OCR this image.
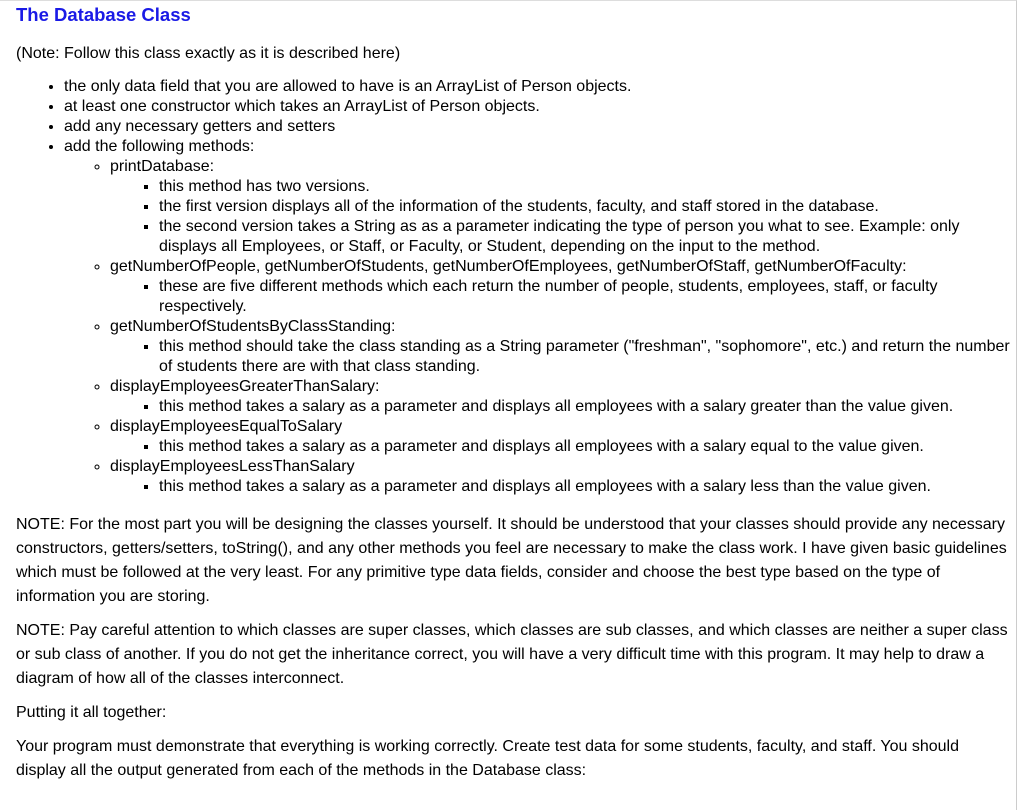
The Database Class
(Note: Follow this class exactly as it is described here)
• the only data field that you are allowed to have is an ArrayList of Person objects.
• at least one constructor which takes an ArrayList of Person objects.
• add any necessary getters and setters
• add the following methods:
◦ printDatabase:
▪ this method has two versions.
▪ the first version displays all of the information of the students, faculty, and staff stored in the database.
▪ the second version takes a String as as a parameter indicating the type of person you what to see. Example: only displays all Employees, or Staff, or Faculty, or Student, depending on the input to the method.
◦ getNumberOfPeople, getNumberOfStudents, getNumberOfEmployees, getNumberOfStaff, getNumberOfFaculty:
▪ these are five different methods which each return the number of people, students, employees, staff, or faculty respectively.
◦ getNumberOfStudentsByClassStanding:
▪ this method should take the class standing as a String parameter ("freshman", "sophomore", etc.) and return the number of students there are with that class standing.
◦ displayEmployeesGreaterThanSalary:
▪ this method takes a salary as a parameter and displays all employees with a salary greater than the value given.
◦ displayEmployeesEqualToSalary
▪ this method takes a salary as a parameter and displays all employees with a salary equal to the value given.
◦ displayEmployeesLessThanSalary
▪ this method takes a salary as a parameter and displays all employees with a salary less than the value given.

NOTE: For the most part you will be designing the classes yourself. It should be understood that your classes should provide any necessary constructors, getters/setters, toString(), and any other methods you feel are necessary to make the class work. I have given basic guidelines which must be followed at the very least. For any primitive type data fields, consider and choose the best type based on the type of information you are storing.

NOTE: Pay careful attention to which classes are super classes, which classes are sub classes, and which classes are neither a super class or sub class of another. If you do not get the inheritance correct, you will have a very difficult time with this program. It may help to draw a diagram of how all of the classes interconnect.

Putting it all together:

Your program must demonstrate that everything is working correctly. Create test data for some students, faculty, and staff. You should display all the output generated from each of the methods in the Database class:
